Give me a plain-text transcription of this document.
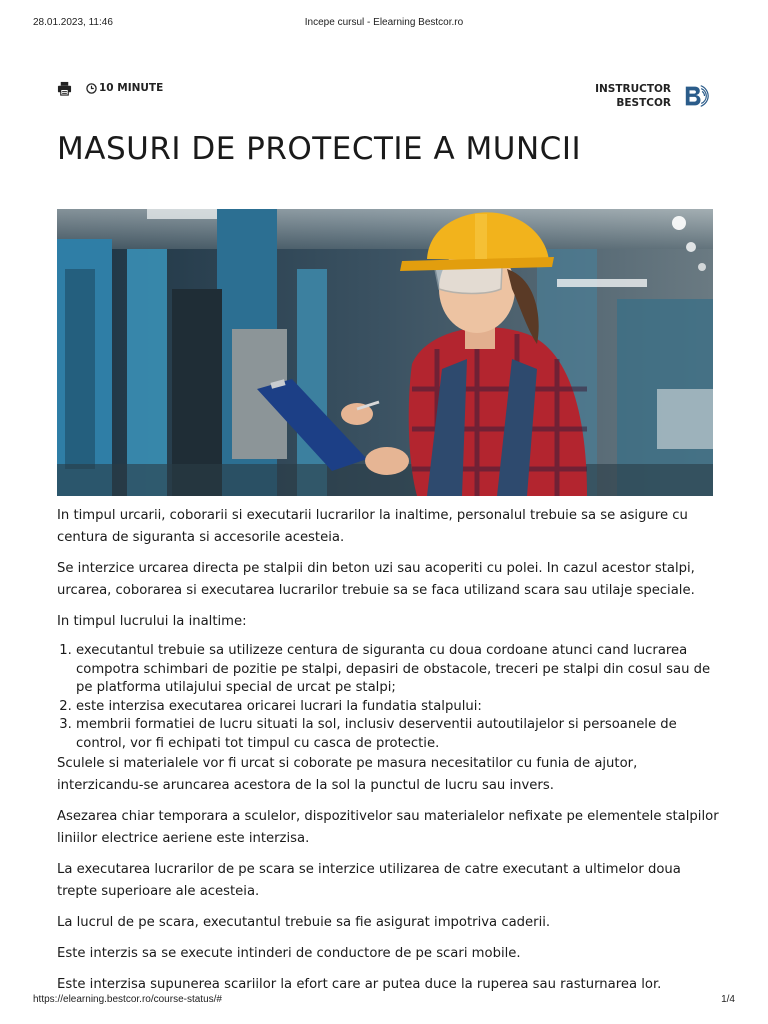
28.01.2023, 11:46	Incepe cursul - Elearning Bestcor.ro
10 MINUTE	INSTRUCTOR
BESTCOR
MASURI DE PROTECTIE A MUNCII

In timpul urcarii, coborarii si executarii lucrarilor la inaltime, personalul trebuie sa se asigure cu centura de siguranta si accesorile acesteia.

Se interzice urcarea directa pe stalpii din beton uzi sau acoperiti cu polei. In cazul acestor stalpi, urcarea, coborarea si executarea lucrarilor trebuie sa se faca utilizand scara sau utilaje speciale.

In timpul lucrului la inaltime:

1. executantul trebuie sa utilizeze centura de siguranta cu doua cordoane atunci cand lucrarea compotra schimbari de pozitie pe stalpi, depasiri de obstacole, treceri pe stalpi din cosul sau de pe platforma utilajului special de urcat pe stalpi;
2. este interzisa executarea oricarei lucrari la fundatia stalpului:
3. membrii formatiei de lucru situati la sol, inclusiv deserventii autoutilajelor si persoanele de control, vor fi echipati tot timpul cu casca de protectie.

Sculele si materialele vor fi urcat si coborate pe masura necesitatilor cu funia de ajutor, interzicandu-se aruncarea acestora de la sol la punctul de lucru sau invers.

Asezarea chiar temporara a sculelor, dispozitivelor sau materialelor nefixate pe elementele stalpilor liniilor electrice aeriene este interzisa.

La executarea lucrarilor de pe scara se interzice utilizarea de catre executant a ultimelor doua trepte superioare ale acesteia.

La lucrul de pe scara, executantul trebuie sa fie asigurat impotriva caderii.

Este interzis sa se execute intinderi de conductore de pe scari mobile.

Este interzisa supunerea scariilor la efort care ar putea duce la ruperea sau rasturnarea lor.

https://elearning.bestcor.ro/course-status/#	1/4
